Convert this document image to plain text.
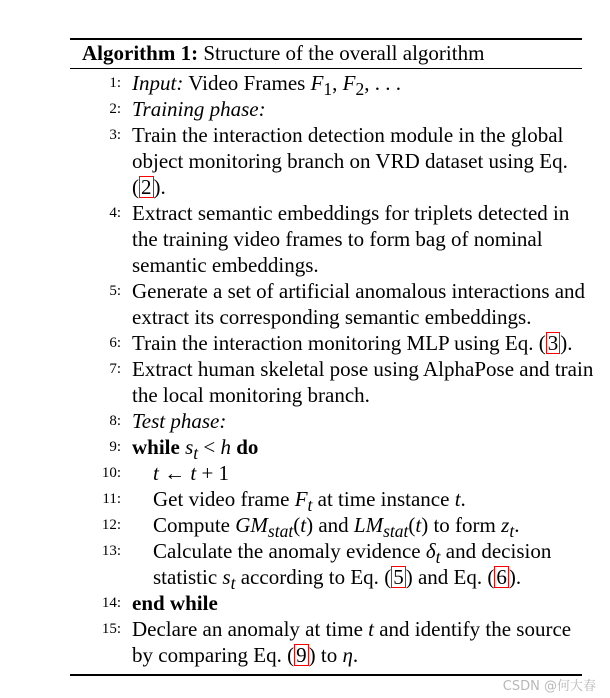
Algorithm 1: Structure of the overall algorithm
1: Input: Video Frames $F_1$, $F_2$, . . .
2: Training phase:
3: Train the interaction detection module in the global
object monitoring branch on VRD dataset using Eq.
(2).
4: Extract semantic embeddings for triplets detected in
the training video frames to form bag of nominal
semantic embeddings.
5: Generate a set of artificial anomalous interactions and
extract its corresponding semantic embeddings.
6: Train the interaction monitoring MLP using Eq. (3).
7: Extract human skeletal pose using AlphaPose and train
the local monitoring branch.
8: Test phase:
9: while $s_t < h$ do
10: t ← t + 1
11: Get video frame $F_t$ at time instance t.
12: Compute $GM_{stat}(t)$ and $LM_{stat}(t)$ to form $z_t$.
13: Calculate the anomaly evidence $\delta_t$ and decision
statistic $s_t$ according to Eq. (5) and Eq. (6).
14: end while
15: Declare an anomaly at time t and identify the source
by comparing Eq. (9) to η.
CSDN @何大春
